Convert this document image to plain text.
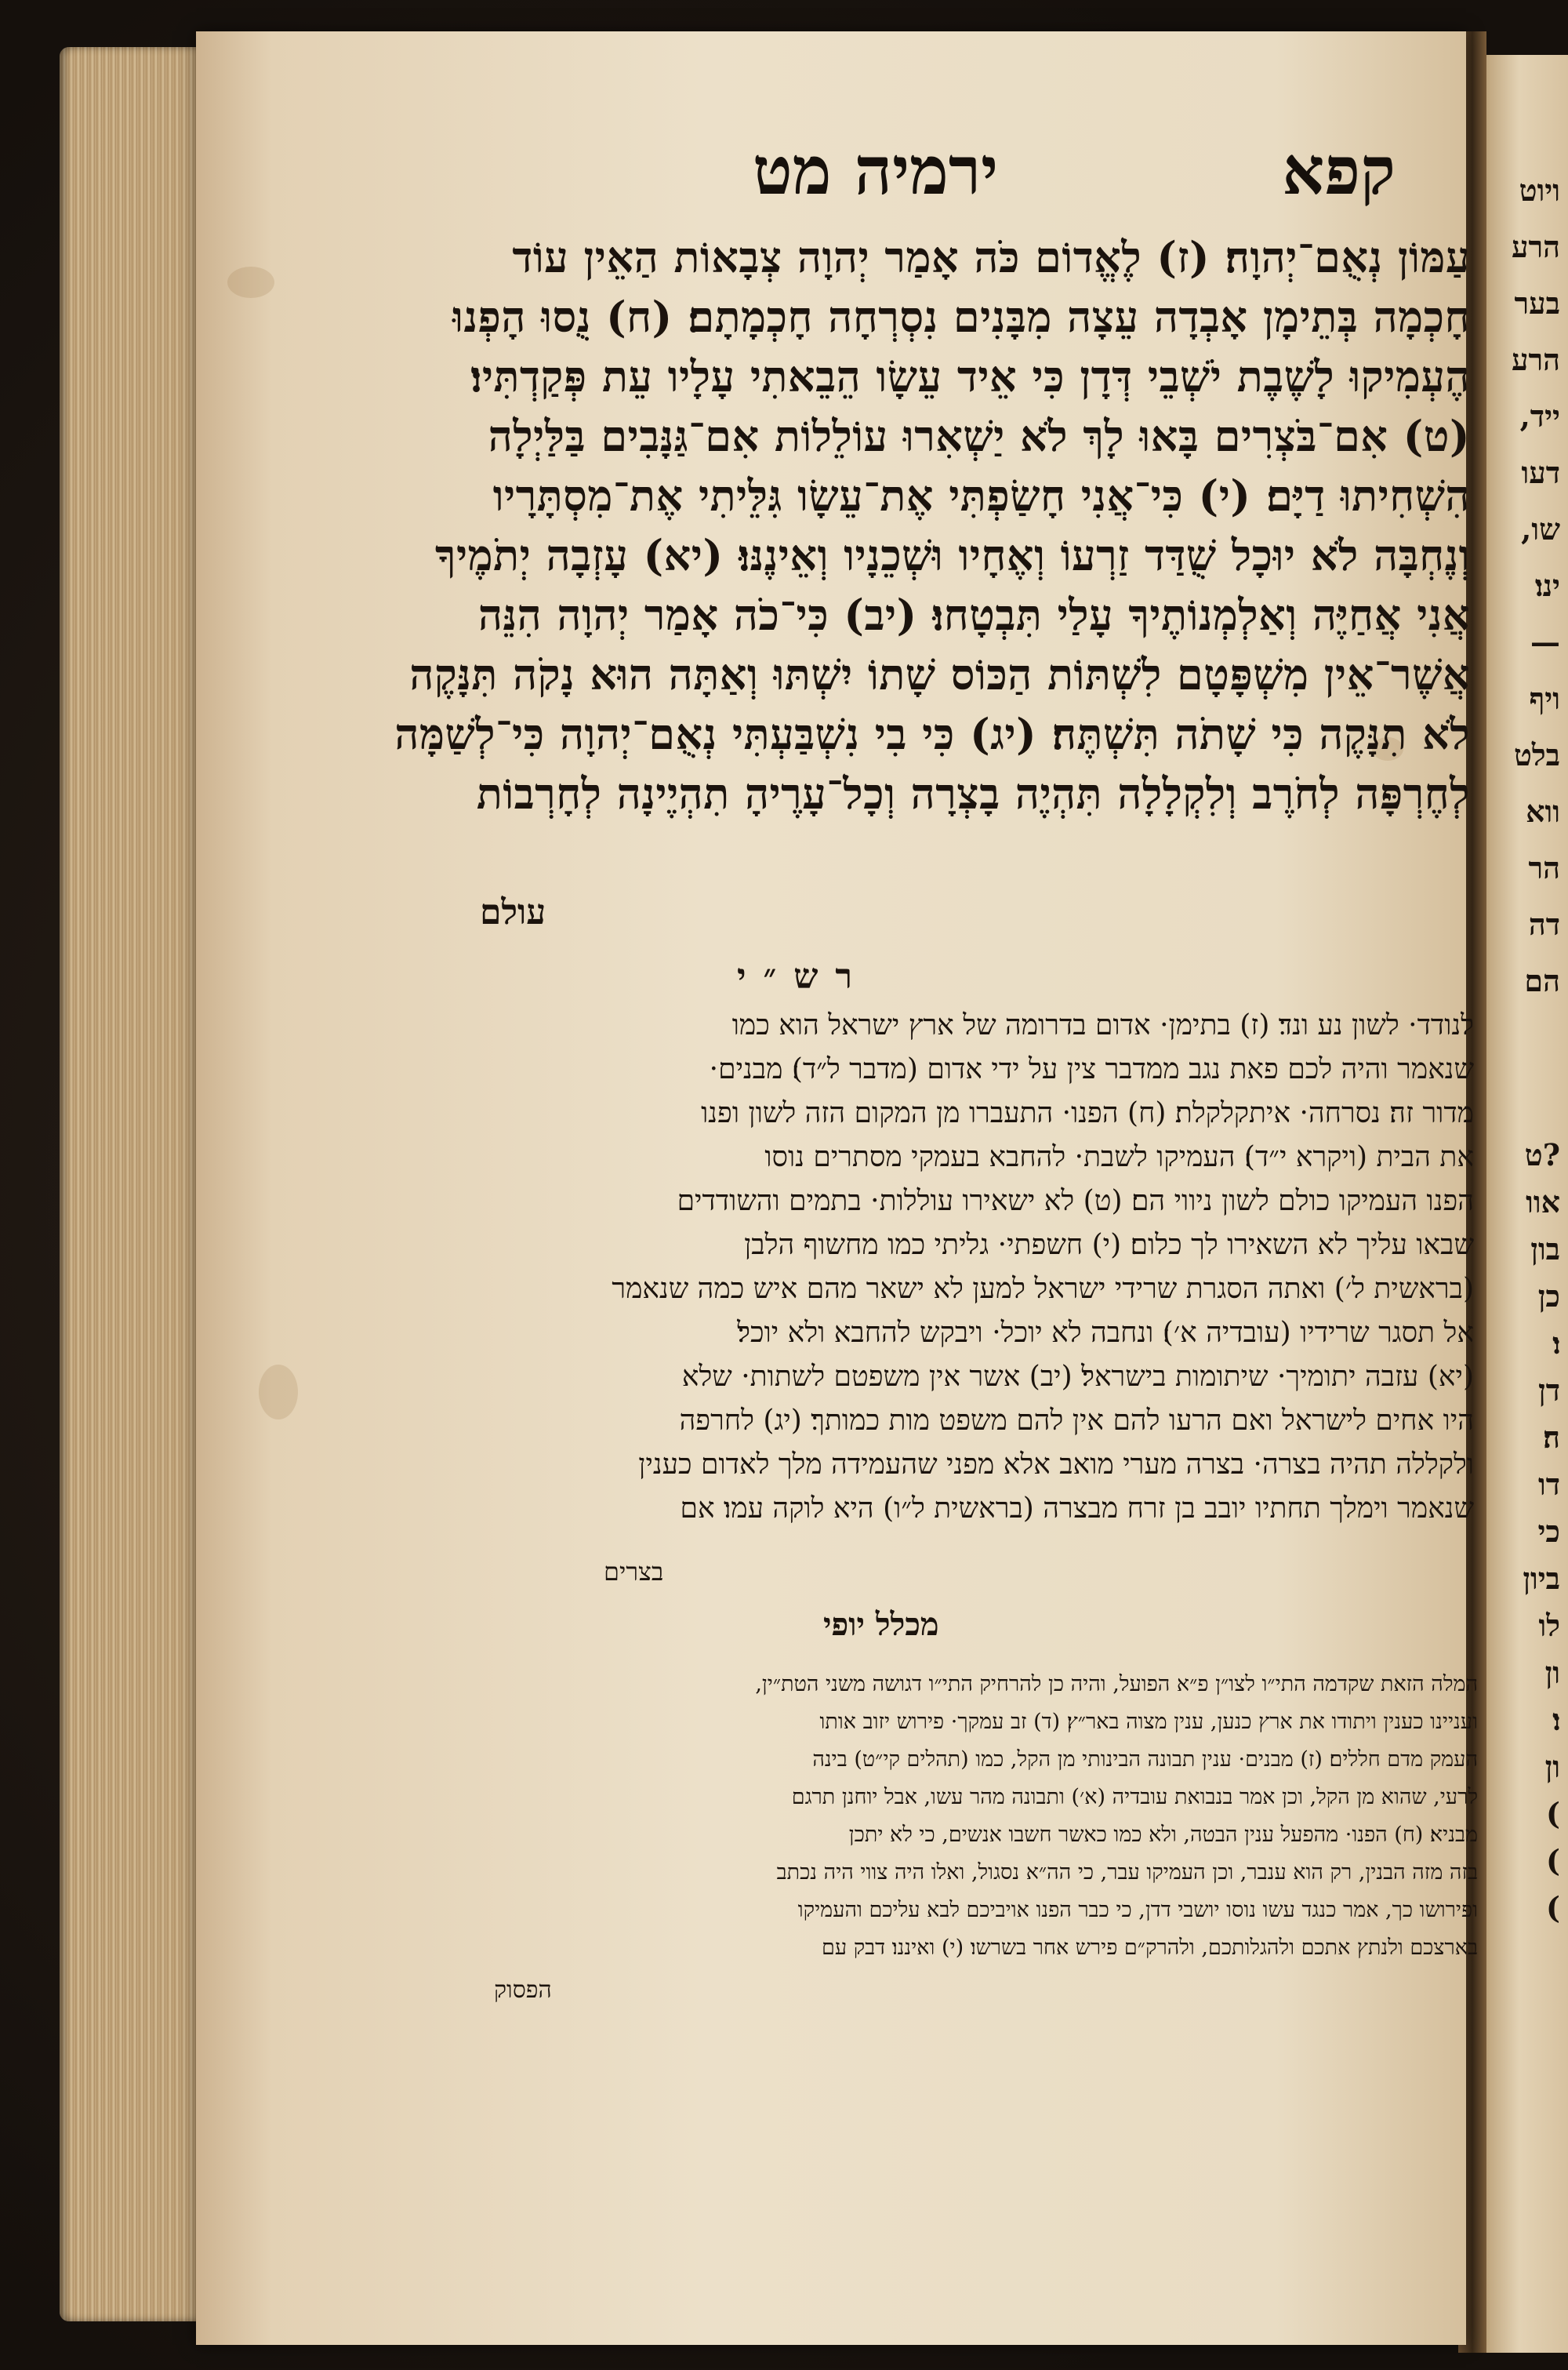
ויוט
הרע
בער
הרע
ייד,
דעו
שו,
ינו׃
—
ויף
בלט
ווא
הר
דה
הם
?ט
אוו
בון
כן
ו׃
דן
ה׃
דו
כי
ביון
לו
ון
ו׃
ון
)
)
)
קפא
ירמיה מט
עַמּוֹן נְאֻם־יְהוָה׃ (ז) לֶאֱדוֹם כֹּה אָמַר יְהוָה צְבָאוֹת הַאֵין עוֹד
חָכְמָה בְּתֵימָן אָבְדָה עֵצָה מִבָּנִים נִסְרְחָה חָכְמָתָם׃ (ח) נֻסוּ הָפְנוּ
הֶעְמִיקוּ לָשֶׁבֶת יֹשְׁבֵי דְּדָן כִּי אֵיד עֵשָׂו הֵבֵאתִי עָלָיו עֵת פְּקַדְתִּיו׃
(ט) אִם־בֹּצְרִים בָּאוּ לָךְ לֹא יַשְׁאִרוּ עוֹלֵלוֹת אִם־גַּנָּבִים בַּלַּיְלָה
הִשְׁחִיתוּ דַיָּם׃ (י) כִּי־אֲנִי חָשַׂפְתִּי אֶת־עֵשָׂו גִּלֵּיתִי אֶת־מִסְתָּרָיו
וְנֶחְבָּה לֹא יוּכָל שֻׁדַּד זַרְעוֹ וְאֶחָיו וּשְׁכֵנָיו וְאֵינֶנּוּ׃ (יא) עָזְבָה יְתֹמֶיךָ
אֲנִי אֲחַיֶּה וְאַלְמְנוֹתֶיךָ עָלַי תִּבְטָחוּ׃ (יב) כִּי־כֹה אָמַר יְהוָה הִנֵּה
אֲשֶׁר־אֵין מִשְׁפָּטָם לִשְׁתּוֹת הַכּוֹס שָׁתוֹ יִשְׁתּוּ וְאַתָּה הוּא נָקֹה תִּנָּקֶה
לֹא תִנָּקֶה כִּי שָׁתֹה תִּשְׁתֶּה׃ (יג) כִּי בִי נִשְׁבַּעְתִּי נְאֻם־יְהוָה כִּי־לְשַׁמָּה
לְחֶרְפָּה לְחֹרֶב וְלִקְלָלָה תִּהְיֶה בָצְרָה וְכָל־עָרֶיהָ תִהְיֶינָה לְחָרְבוֹת
עולם
רש״י
לנודד· לשון נע ונד׃ (ז) בתימן· אדום בדרומה של ארץ ישראל הוא כמו
שנאמר והיה לכם פאת נגב ממדבר צין על ידי אדום (מדבר ל״ד)׃ מבנים·
מדור זה׃ נסרחה· איתקלקלת׃ (ח) הפנו· התעברו מן המקום הזה לשון ופנו
את הבית (ויקרא י״ד)׃ העמיקו לשבת· להחבא בעמקי מסתרים נוסו
הפנו העמיקו כולם לשון ניווי הם׃ (ט) לא ישאירו עוללות· בתמים והשודדים
שבאו עליך לא השאירו לך כלום׃ (י) חשפתי· גליתי כמו מחשוף הלבן
(בראשית ל׳) ואתה הסגרת שרידי ישראל למען לא ישאר מהם איש כמה שנאמר
אל תסגר שרידיו (עובדיה א׳)׃ ונחבה לא יוכל· ויבקש להחבא ולא יוכל׃
(יא) עזבה יתומיך· שיתומות בישראל׃ (יב) אשר אין משפטם לשתות· שלא
היו אחים לישראל ואם הרעו להם אין להם משפט מות כמותך׃ (יג) לחרפה
ולקללה תהיה בצרה· בצרה מערי מואב אלא מפני שהעמידה מלך לאדום כענין
שנאמר וימלך תחתיו יובב בן זרח מבצרה (בראשית ל״ו) היא לוקה עמו׃ אם
בצרים
מכלל יופי
המלה הזאת שקדמה התי״ו לצו״ן פ״א הפועל, והיה כן להרחיק התי״ו דגושה משני הטת״ין,
ועניינו כענין ויתודו את ארץ כנען, ענין מצוה באר״ץ׃ (ד) זב עמקך· פירוש יזוב אותו
העמק מדם חללים׃ (ז) מבנים· ענין תבונה הבינותי מן הקל, כמו (תהלים קי״ט) בינה
לרעי, שהוא מן הקל, וכן אמר בנבואת עובדיה (א׳) ותבונה מהר עשו, אבל יוחנן תרגם
מבניא׃ (ח) הפנו· מהפעל ענין הבטה, ולא כמו כאשר חשבו אנשים, כי לא יתכן
בזה מזה הבנין, רק הוא ענבר, וכן העמיקו עבר, כי הה״א נסגול, ואלו היה צווי היה נכתב
ופירושו כך, אמר כנגד עשו נוסו יושבי דדן, כי כבר הפנו אויביכם לבא עליכם והעמיקו
בארצכם ולנתץ אתכם ולהגלותכם, ולהרק״ם פירש אחר בשרשו׃ (י) ואיננו׃ דבק עם
הפסוק
